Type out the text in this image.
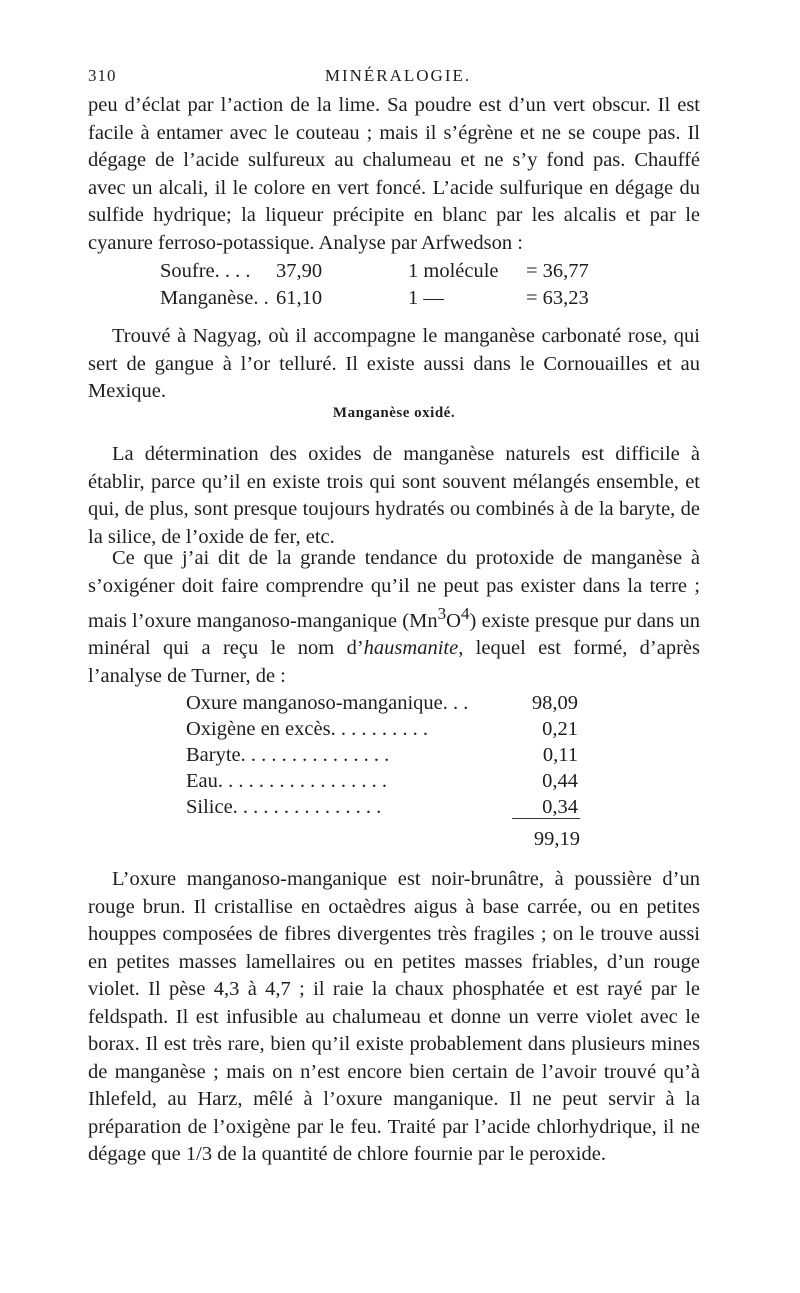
310	MINÉRALOGIE.
peu d’éclat par l’action de la lime. Sa poudre est d’un vert obscur. Il est facile à entamer avec le couteau ; mais il s’égrène et ne se coupe pas. Il dégage de l’acide sulfureux au chalumeau et ne s’y fond pas. Chauffé avec un alcali, il le colore en vert foncé. L’acide sulfurique en dégage du sulfide hydrique; la liqueur précipite en blanc par les alcalis et par le cyanure ferroso-potassique. Analyse par Arfwedson :
Soufre. . . .	37,90	1 molécule	= 36,77
Manganèse. .	61,10	1 —	= 63,23
Trouvé à Nagyag, où il accompagne le manganèse carbonaté rose, qui sert de gangue à l’or telluré. Il existe aussi dans le Cornouailles et au Mexique.
Manganèse oxidé.
La détermination des oxides de manganèse naturels est difficile à établir, parce qu’il en existe trois qui sont souvent mélangés ensemble, et qui, de plus, sont presque toujours hydratés ou combinés à de la baryte, de la silice, de l’oxide de fer, etc.
Ce que j’ai dit de la grande tendance du protoxide de manganèse à s’oxigéner doit faire comprendre qu’il ne peut pas exister dans la terre ; mais l’oxure manganoso-manganique $(Mn^3O^4)$ existe presque pur dans un minéral qui a reçu le nom d’hausmanite, lequel est formé, d’après l’analyse de Turner, de :
Oxure manganoso-manganique. . .	98,09
Oxigène en excès. . . . . . . . . .	0,21
Baryte. . . . . . . . . . . . . . .	0,11
Eau. . . . . . . . . . . . . . . . .	0,44
Silice. . . . . . . . . . . . . . .	0,34
99,19
L’oxure manganoso-manganique est noir-brunâtre, à poussière d’un rouge brun. Il cristallise en octaèdres aigus à base carrée, ou en petites houppes composées de fibres divergentes très fragiles ; on le trouve aussi en petites masses lamellaires ou en petites masses friables, d’un rouge violet. Il pèse 4,3 à 4,7 ; il raie la chaux phosphatée et est rayé par le feldspath. Il est infusible au chalumeau et donne un verre violet avec le borax. Il est très rare, bien qu’il existe probablement dans plusieurs mines de manganèse ; mais on n’est encore bien certain de l’avoir trouvé qu’à Ihlefeld, au Harz, mêlé à l’oxure manganique. Il ne peut servir à la préparation de l’oxigène par le feu. Traité par l’acide chlorhydrique, il ne dégage que 1/3 de la quantité de chlore fournie par le peroxide.
